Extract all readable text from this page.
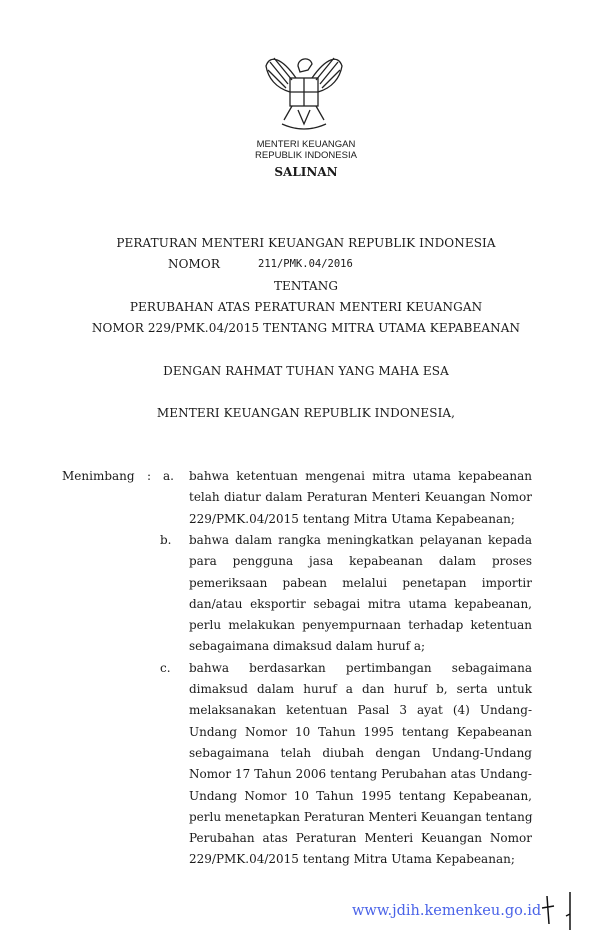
MENTERI KEUANGAN
REPUBLIK INDONESIA
SALINAN
PERATURAN MENTERI KEUANGAN REPUBLIK INDONESIA
NOMOR	211/PMK.04/2016
TENTANG
PERUBAHAN ATAS PERATURAN MENTERI KEUANGAN
NOMOR 229/PMK.04/2015 TENTANG MITRA UTAMA KEPABEANAN
DENGAN RAHMAT TUHAN YANG MAHA ESA
MENTERI KEUANGAN REPUBLIK INDONESIA,
Menimbang : a. bahwa ketentuan mengenai mitra utama kepabeanan
telah diatur dalam Peraturan Menteri Keuangan Nomor
229/PMK.04/2015 tentang Mitra Utama Kepabeanan;
b. bahwa dalam rangka meningkatkan pelayanan kepada
para pengguna jasa kepabeanan dalam proses
pemeriksaan pabean melalui penetapan importir
dan/atau eksportir sebagai mitra utama kepabeanan,
perlu melakukan penyempurnaan terhadap ketentuan
sebagaimana dimaksud dalam huruf a;
c. bahwa berdasarkan pertimbangan sebagaimana
dimaksud dalam huruf a dan huruf b, serta untuk
melaksanakan ketentuan Pasal 3 ayat (4) Undang-
Undang Nomor 10 Tahun 1995 tentang Kepabeanan
sebagaimana telah diubah dengan Undang-Undang
Nomor 17 Tahun 2006 tentang Perubahan atas Undang-
Undang Nomor 10 Tahun 1995 tentang Kepabeanan,
perlu menetapkan Peraturan Menteri Keuangan tentang
Perubahan atas Peraturan Menteri Keuangan Nomor
229/PMK.04/2015 tentang Mitra Utama Kepabeanan;
www.jdih.kemenkeu.go.id
